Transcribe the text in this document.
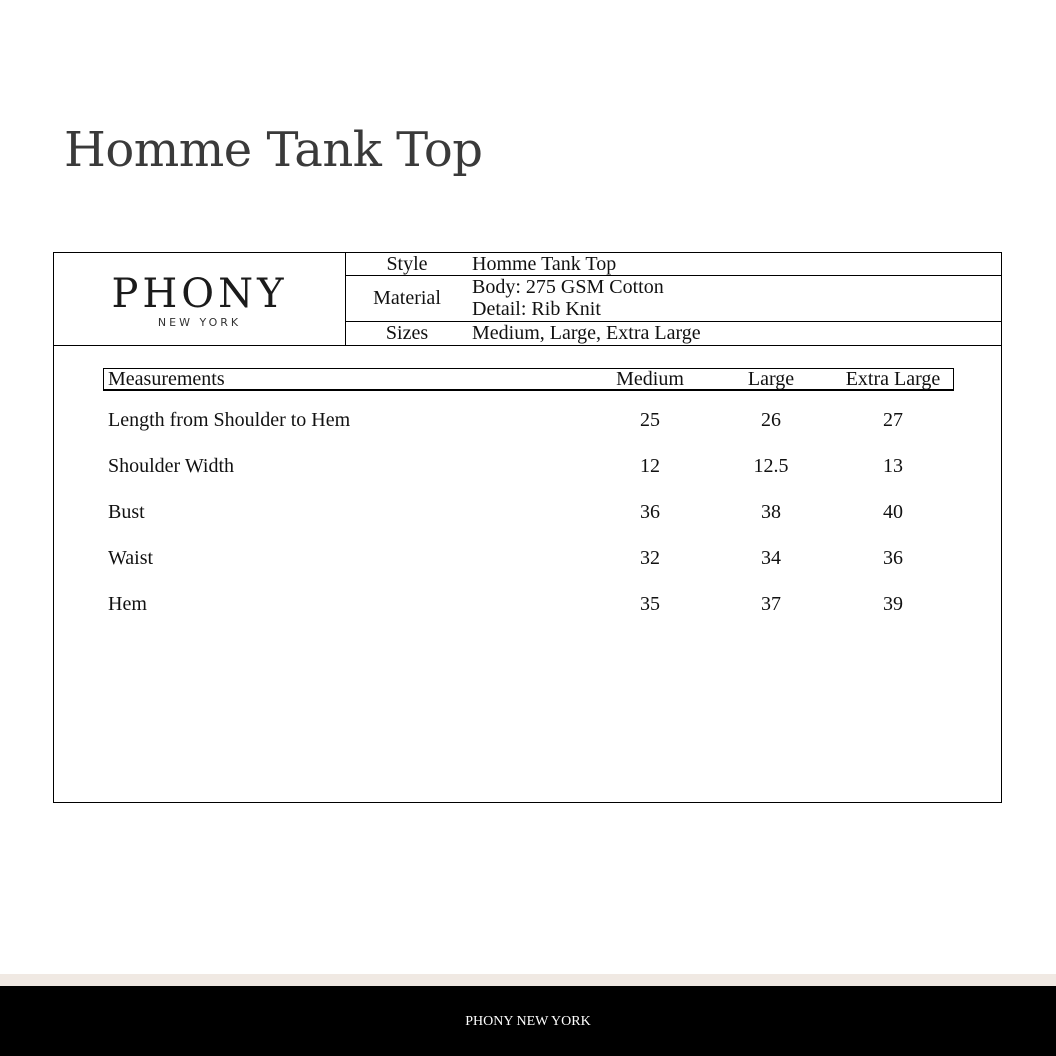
Homme Tank Top
PHONY
NEW YORK
Style	Homme Tank Top
Material	Body: 275 GSM Cotton
Detail: Rib Knit
Sizes	Medium, Large, Extra Large
Measurements	Medium	Large	Extra Large
Length from Shoulder to Hem	25	26	27
Shoulder Width	12	12.5	13
Bust	36	38	40
Waist	32	34	36
Hem	35	37	39
PHONY NEW YORK
